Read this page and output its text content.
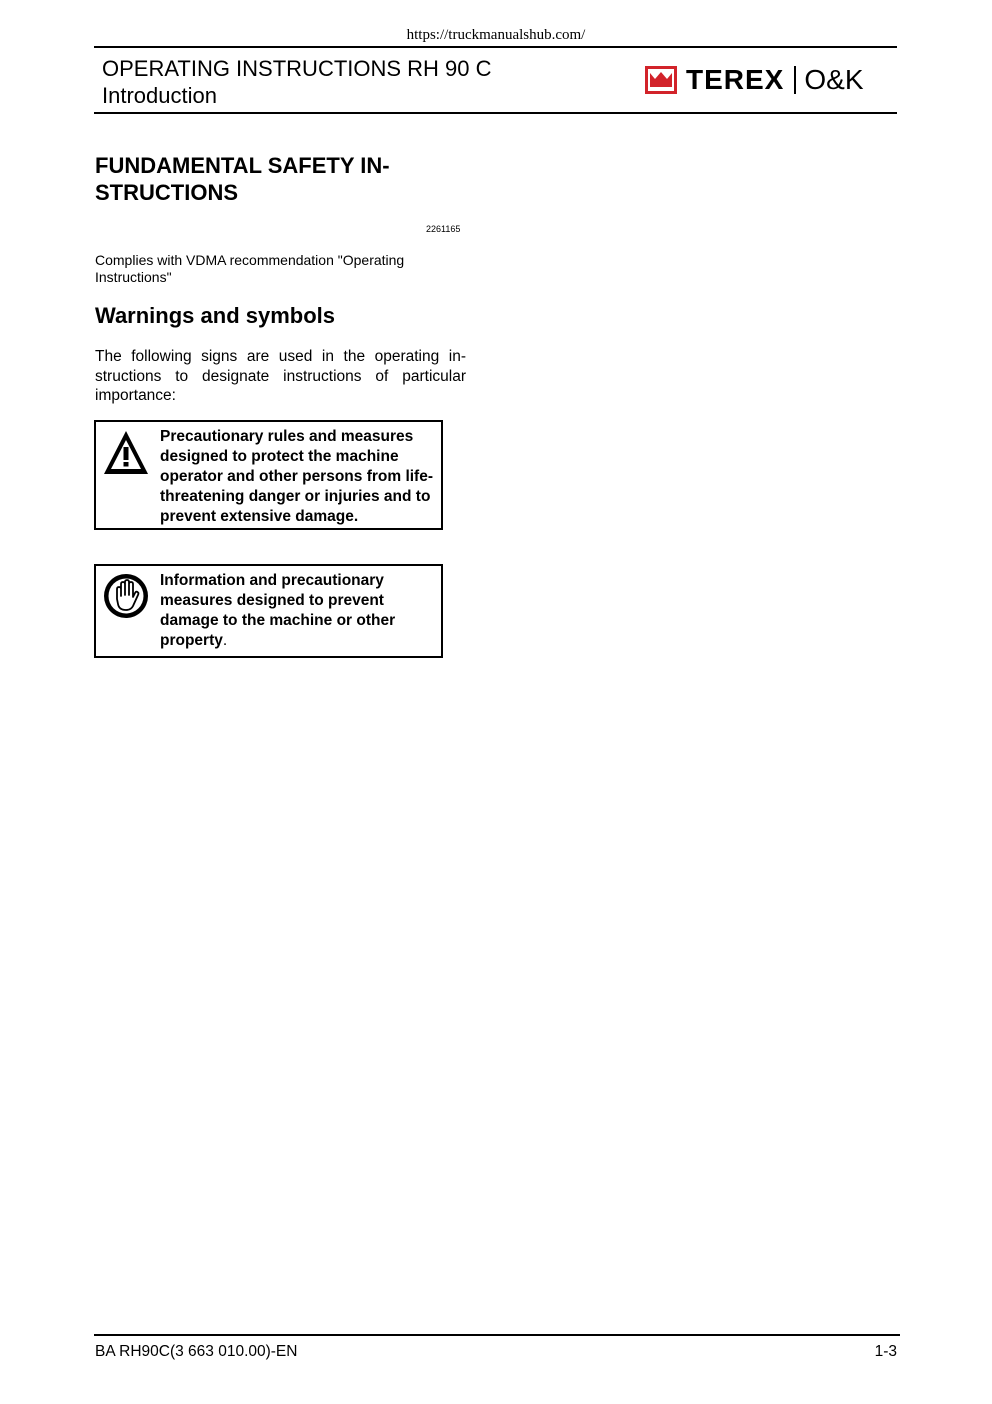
https://truckmanualshub.com/
OPERATING INSTRUCTIONS RH 90 C
Introduction
TEREX O&K
FUNDAMENTAL SAFETY IN-
STRUCTIONS
2261165
Complies with VDMA recommendation "Operating Instructions"
Warnings and symbols
The following signs are used in the operating in-structions to designate instructions of particular importance:
Precautionary rules and measures designed to protect the machine operator and other persons from life-threatening danger or injuries and to prevent extensive damage.
Information and precautionary measures designed to prevent damage to the machine or other property.
BA RH90C(3 663 010.00)-EN	1-3
